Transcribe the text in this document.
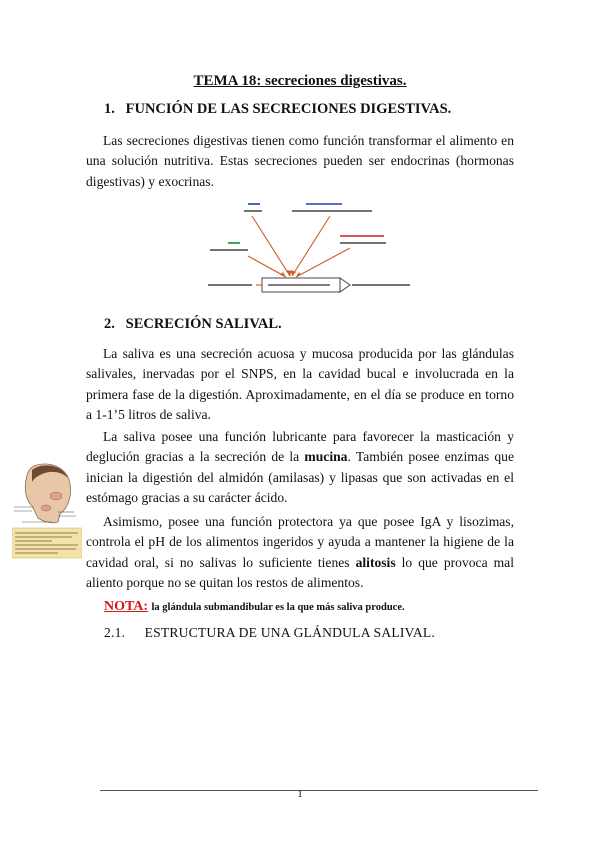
TEMA 18: secreciones digestivas.
1. FUNCIÓN DE LAS SECRECIONES DIGESTIVAS.
Las secreciones digestivas tienen como función transformar el alimento en una solución nutritiva. Estas secreciones pueden ser endocrinas (hormonas digestivas) y exocrinas.
2. SECRECIÓN SALIVAL.
La saliva es una secreción acuosa y mucosa producida por las glándulas salivales, inervadas por el SNPS, en la cavidad bucal e involucrada en la primera fase de la digestión. Aproximadamente, en el día se produce en torno a 1-1’5 litros de saliva.
La saliva posee una función lubricante para favorecer la masticación y deglución gracias a la secreción de la mucina. También posee enzimas que inician la digestión del almidón (amilasas) y lipasas que son activadas en el estómago gracias a su carácter ácido.
Asimismo, posee una función protectora ya que posee IgA y lisozimas, controla el pH de los alimentos ingeridos y ayuda a mantener la higiene de la cavidad oral, si no salivas lo suficiente tienes alitosis lo que provoca mal aliento porque no se quitan los restos de alimentos.
NOTA: la glándula submandibular es la que más saliva produce.
2.1. ESTRUCTURA DE UNA GLÁNDULA SALIVAL.
1
